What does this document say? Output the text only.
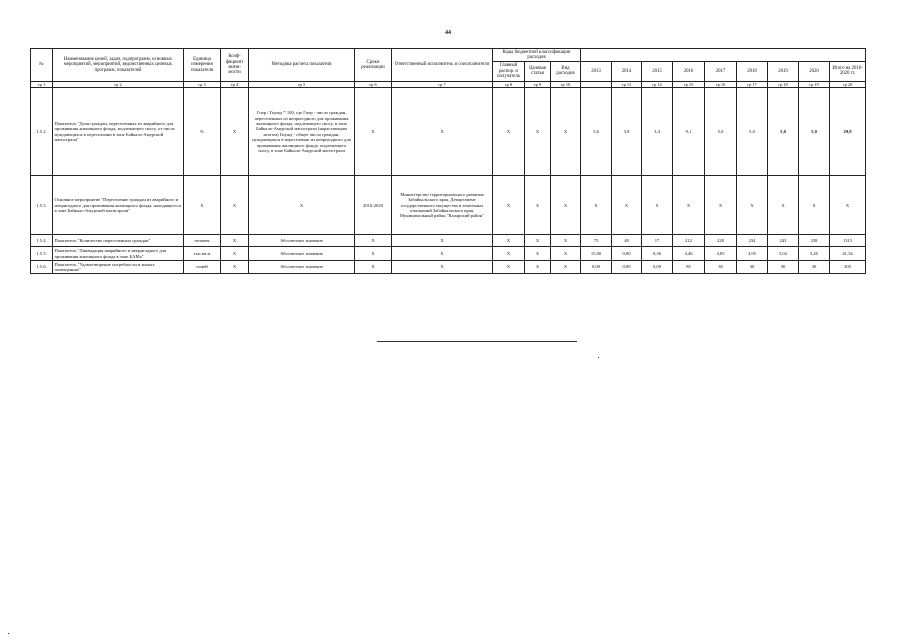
44
№	Наименование целей, задач, подпрограмм, основных мероприятий, мероприятий, ведомственных целевых программ, показателей	Единица измерения показателя	Коэф-фициент значи-мости	Методика расчета показателя	Сроки реализации	Ответственный исполнитель и соисполнители	Коды бюджетной классификации расходов											
							Главный распор. и получатель	Целевая статья	Вид расходов	2013	2014	2015	2016	2017	2018	2019	2020	Итого на 2016-2020 гг.
гр 1	гр 2	гр 3	гр 4	гр 5	гр 6	гр 7	гр 8	гр 9	гр 10		гр 13	гр 14	гр 15	гр 16	гр 17	гр 18	гр 19	гр 20
1.5.2.	Показатель "Доля граждан, переселенных из аварийного для проживания жилищного фонда, подлежащего сносу, от числа нуждающихся в переселении в зоне Байкало-Амурской магистрали"	%	X	Гпер / Гнужд * 100, где Гпер - число граждан, переселенных из непригодного для проживания жилищного фонда, подлежащего сносу, в зоне Байкало-Амурской магистрали (нарастающим итогом) Гнужд - общее число граждан, нуждающихся в переселении из непригодного для проживания жилищного фонда, подлежащего сносу, в зоне Байкало-Амурской магистрали	X	X	X	X	X	3,6	3,8	3,4	9,1	5,0	5,0	5,0	5,0	29,9
1.5.3.	Основное мероприятие "Переселение граждан из аварийного и непригодного для проживания жилищного фонда, находящегося в зоне Байкало-Амурской магистрали"	X	X	X	2016-2020	Министерство территориального развития Забайкальского края, Департамент государственного имущества и земельных отношений Забайкальского края, Муниципальный район "Каларский район"	X	X	X	X	X	X	X	X	X	X	X	X
1.5.4.	Показатель "Количество переселенных граждан"	человек	X	Абсолютное значение	X	X	X	X	X	75	48	17	212	228	234	243	238	1315
1.5.5.	Показатель "Ликвидация аварийного и непригодного для проживания жилищного фонда в зоне БАМа"	тыс.кв.м	X	Абсолютное значение	X	X	X	X	X	15,00	0,00	0,36	4,46	4,85	4,95	5,02	5,45	41,34
1.5.6.	Показатель "Удовлетворение потребности в жилых помещениях"	семей	X	Абсолютное значение	X	X	X	X	X	0,00	0,00	0,00	85	30	30	30	30	205
